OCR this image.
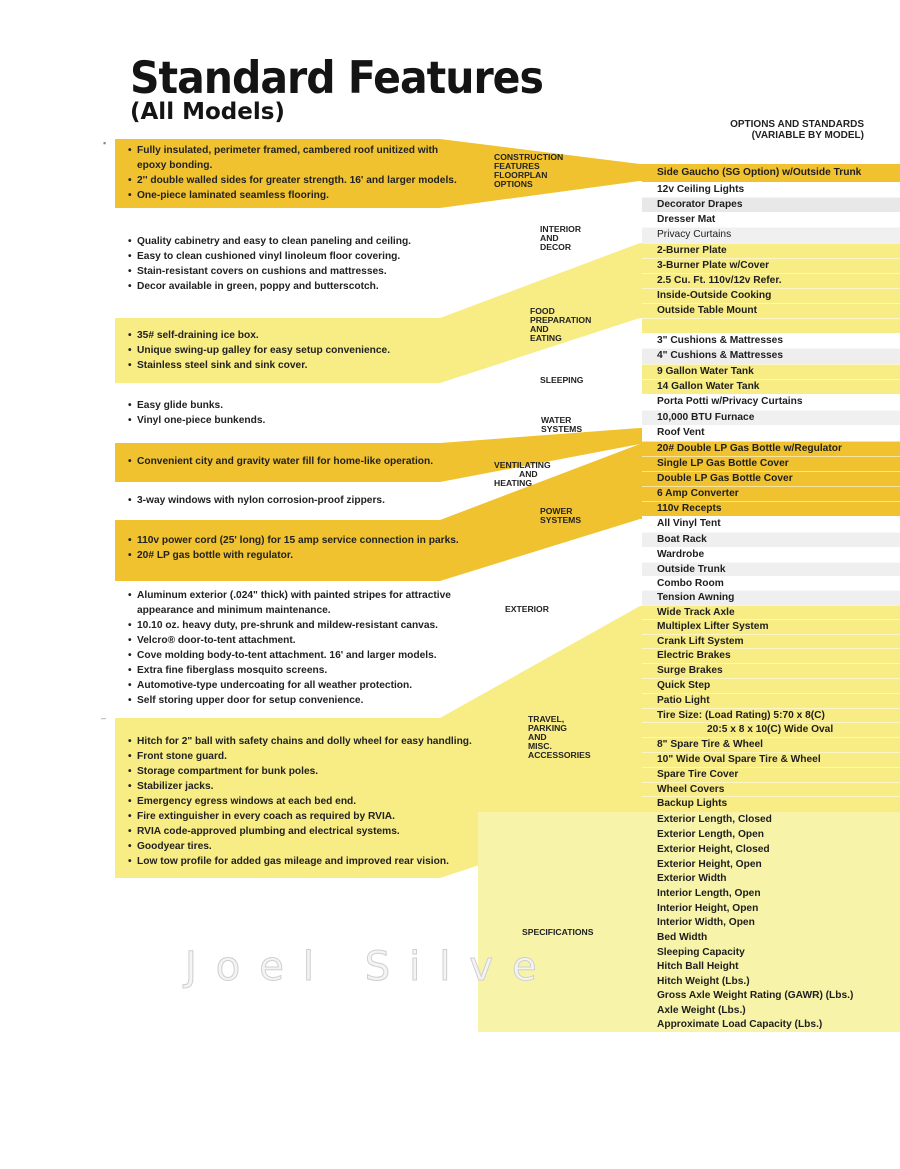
Standard Features
(All Models)	OPTIONS AND STANDARDS
(VARIABLE BY MODEL)
• Fully insulated, perimeter framed, cambered roof unitized with
epoxy bonding.
• 2'' double walled sides for greater strength. 16' and larger models.
• One-piece laminated seamless flooring.
• Quality cabinetry and easy to clean paneling and ceiling.
• Easy to clean cushioned vinyl linoleum floor covering.
• Stain-resistant covers on cushions and mattresses.
• Decor available in green, poppy and butterscotch.
• 35# self-draining ice box.
• Unique swing-up galley for easy setup convenience.
• Stainless steel sink and sink cover.
• Easy glide bunks.
• Vinyl one-piece bunkends.
• Convenient city and gravity water fill for home-like operation.
• 3-way windows with nylon corrosion-proof zippers.
• 110v power cord (25' long) for 15 amp service connection in parks.
• 20# LP gas bottle with regulator.
• Aluminum exterior (.024" thick) with painted stripes for attractive
appearance and minimum maintenance.
• 10.10 oz. heavy duty, pre-shrunk and mildew-resistant canvas.
• Velcro® door-to-tent attachment.
• Cove molding body-to-tent attachment. 16' and larger models.
• Extra fine fiberglass mosquito screens.
• Automotive-type undercoating for all weather protection.
• Self storing upper door for setup convenience.
• Hitch for 2" ball with safety chains and dolly wheel for easy handling.
• Front stone guard.
• Storage compartment for bunk poles.
• Stabilizer jacks.
• Emergency egress windows at each bed end.
• Fire extinguisher in every coach as required by RVIA.
• RVIA code-approved plumbing and electrical systems.
• Goodyear tires.
• Low tow profile for added gas mileage and improved rear vision.
CONSTRUCTION
FEATURES
FLOORPLAN
OPTIONS
INTERIOR
AND
DECOR
FOOD
PREPARATION
AND
EATING
SLEEPING
WATER
SYSTEMS
VENTILATING
AND
HEATING
POWER
SYSTEMS
EXTERIOR
TRAVEL,
PARKING
AND
MISC.
ACCESSORIES
SPECIFICATIONS
Side Gaucho (SG Option) w/Outside Trunk
12v Ceiling Lights
Decorator Drapes
Dresser Mat
Privacy Curtains
2-Burner Plate
3-Burner Plate w/Cover
2.5 Cu. Ft. 110v/12v Refer.
Inside-Outside Cooking
Outside Table Mount
3" Cushions & Mattresses
4" Cushions & Mattresses
9 Gallon Water Tank
14 Gallon Water Tank
Porta Potti w/Privacy Curtains
10,000 BTU Furnace
Roof Vent
20# Double LP Gas Bottle w/Regulator
Single LP Gas Bottle Cover
Double LP Gas Bottle Cover
6 Amp Converter
110v Recepts
All Vinyl Tent
Boat Rack
Wardrobe
Outside Trunk
Combo Room
Tension Awning
Wide Track Axle
Multiplex Lifter System
Crank Lift System
Electric Brakes
Surge Brakes
Quick Step
Patio Light
Tire Size: (Load Rating) 5:70 x 8(C)
20:5 x 8 x 10(C) Wide Oval
8" Spare Tire & Wheel
10" Wide Oval Spare Tire & Wheel
Spare Tire Cover
Wheel Covers
Backup Lights
Exterior Length, Closed
Exterior Length, Open
Exterior Height, Closed
Exterior Height, Open
Exterior Width
Interior Length, Open
Interior Height, Open
Interior Width, Open
Bed Width
Sleeping Capacity
Hitch Ball Height
Hitch Weight (Lbs.)
Gross Axle Weight Rating (GAWR) (Lbs.)
Axle Weight (Lbs.)
Approximate Load Capacity (Lbs.)
Joel Silve
▪
–
